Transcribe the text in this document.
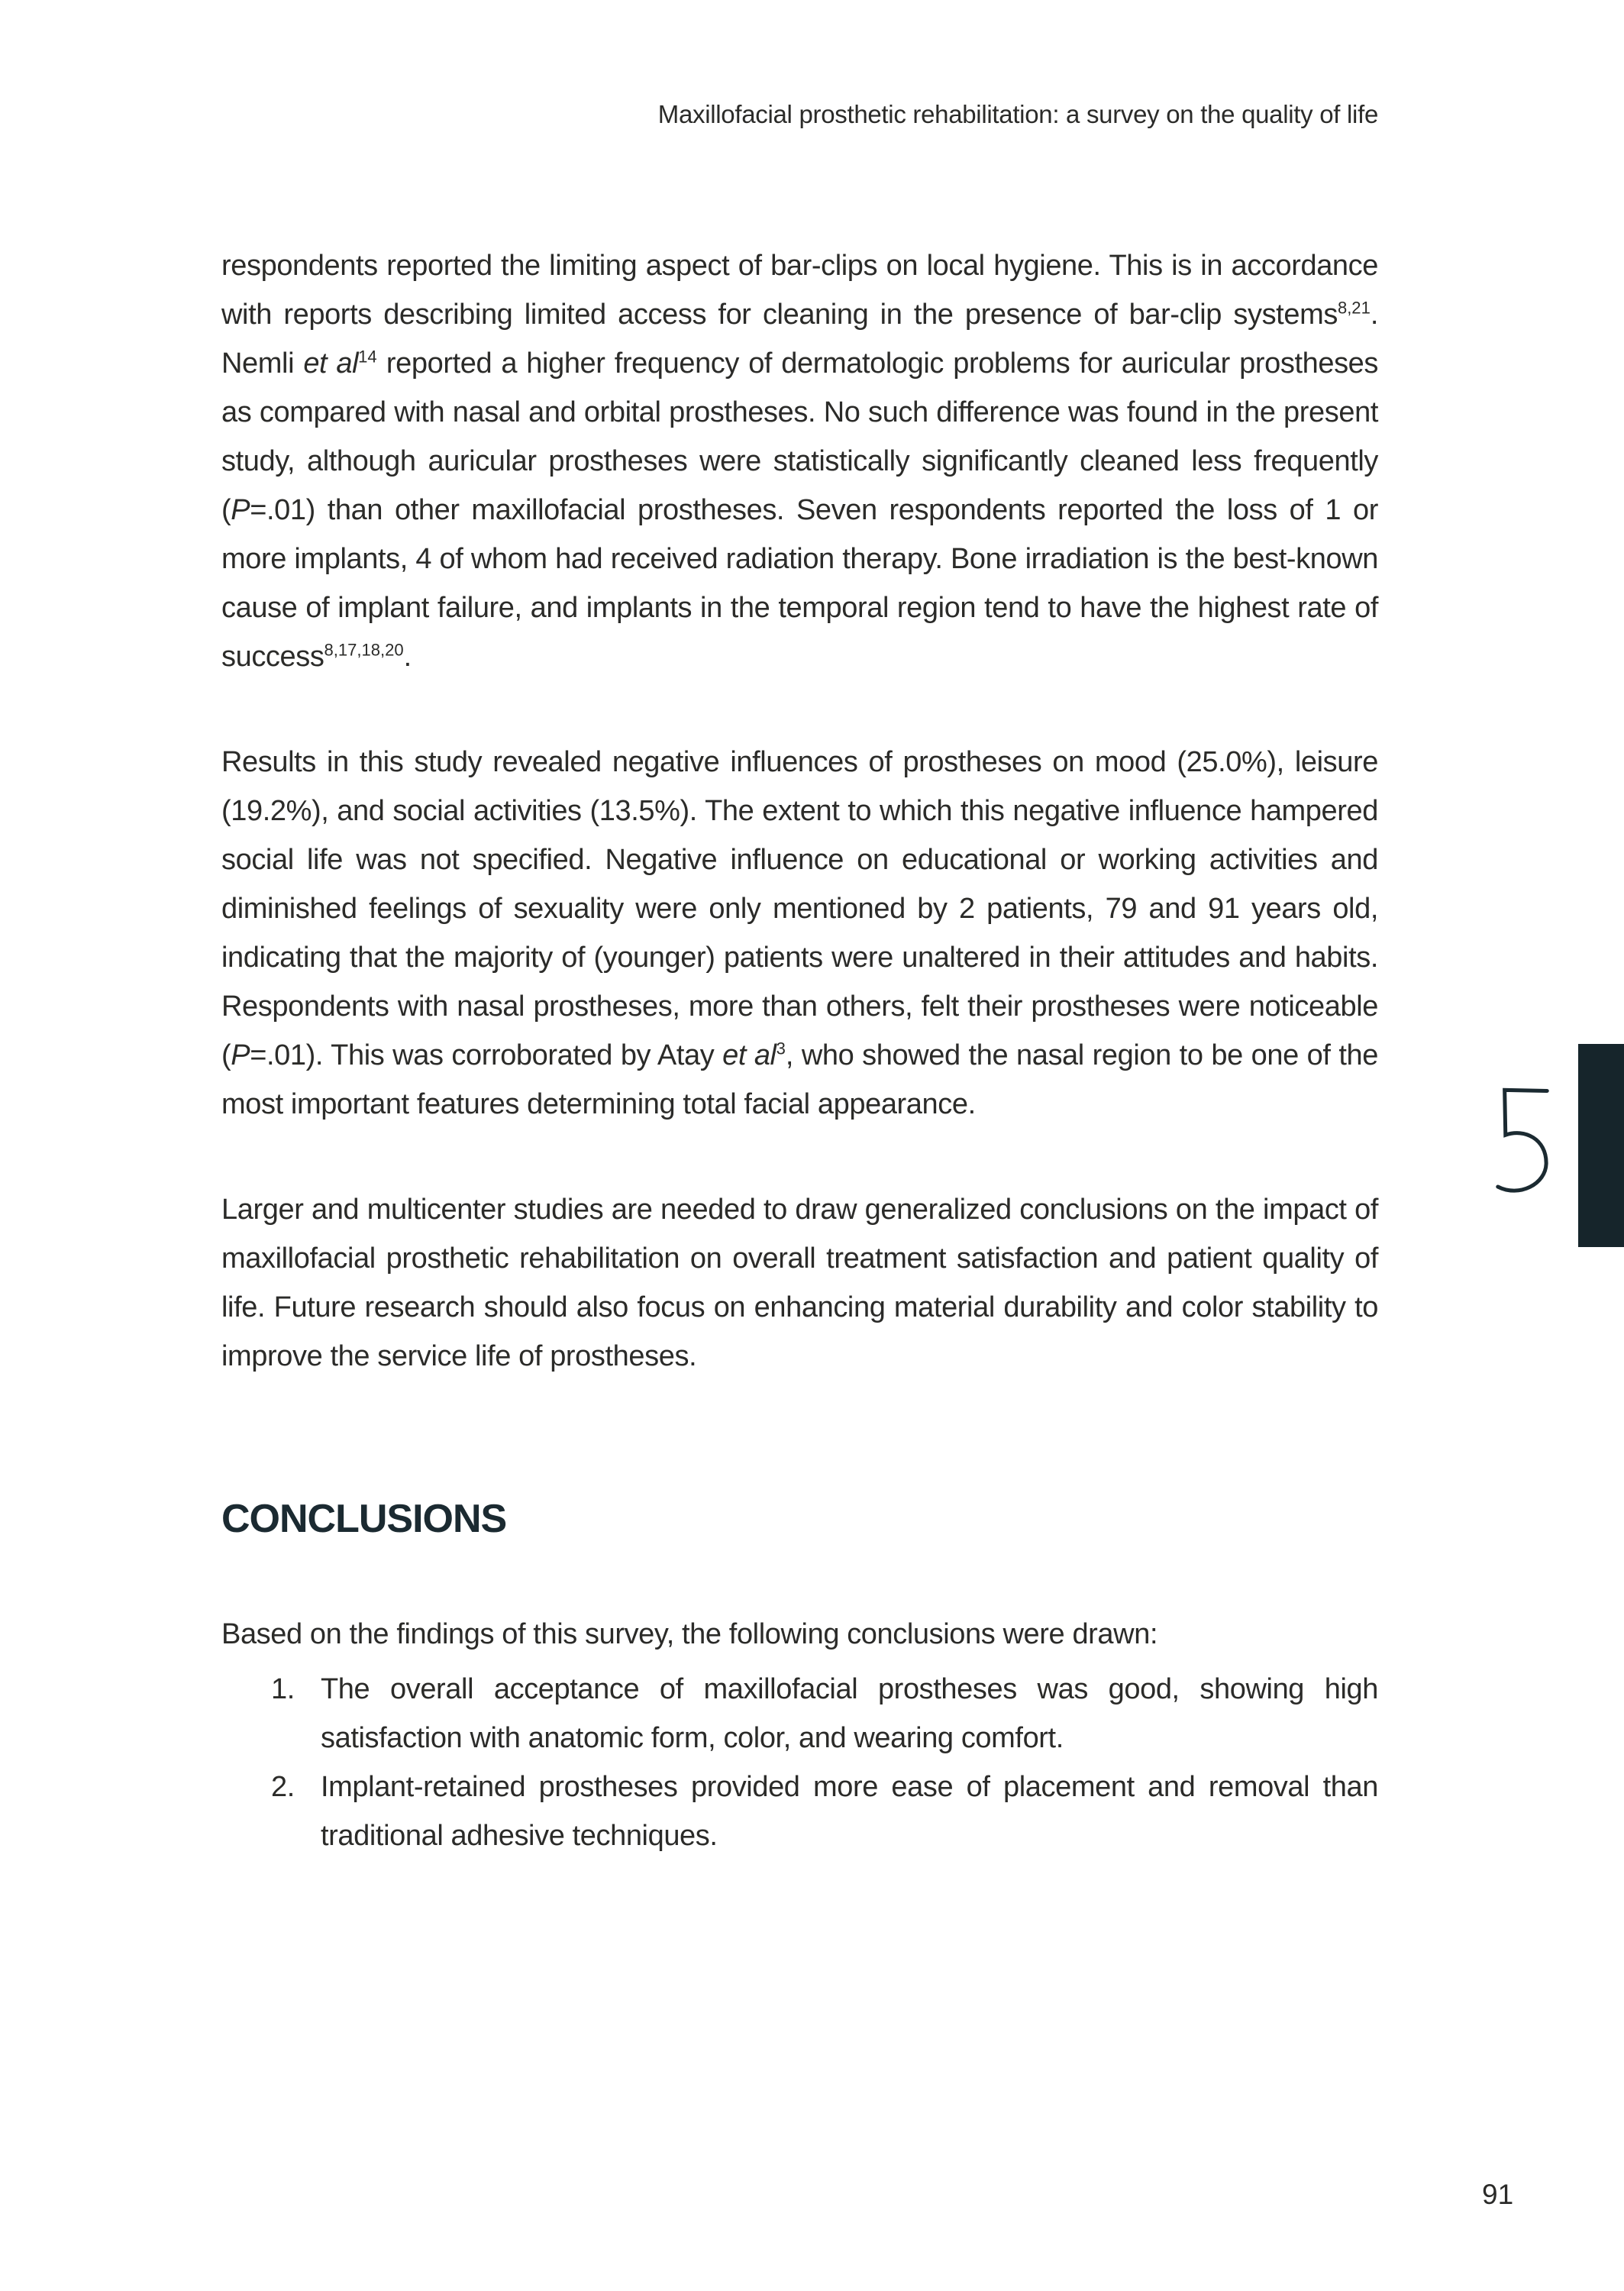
Maxillofacial prosthetic rehabilitation: a survey on the quality of life

respondents reported the limiting aspect of bar-clips on local hygiene. This is in accordance with reports describing limited access for cleaning in the presence of bar-clip systems$^{8,21}$. Nemli et $al^{14}$ reported a higher frequency of dermatologic problems for auricular prostheses as compared with nasal and orbital prostheses. No such difference was found in the present study, although auricular prostheses were statistically significantly cleaned less frequently (P=.01) than other maxillofacial prostheses. Seven respondents reported the loss of 1 or more implants, 4 of whom had received radiation therapy. Bone irradiation is the best-known cause of implant failure, and implants in the temporal region tend to have the highest rate of success$^{8,17,18,20}$.

Results in this study revealed negative influences of prostheses on mood (25.0%), leisure (19.2%), and social activities (13.5%). The extent to which this negative influence hampered social life was not specified. Negative influence on educational or working activities and diminished feelings of sexuality were only mentioned by 2 patients, 79 and 91 years old, indicating that the majority of (younger) patients were unaltered in their attitudes and habits. Respondents with nasal prostheses, more than others, felt their prostheses were noticeable (P=.01). This was corroborated by Atay et $al^3$, who showed the nasal region to be one of the most important features determining total facial appearance.

Larger and multicenter studies are needed to draw generalized conclusions on the impact of maxillofacial prosthetic rehabilitation on overall treatment satisfaction and patient quality of life. Future research should also focus on enhancing material durability and color stability to improve the service life of prostheses.

CONCLUSIONS

Based on the findings of this survey, the following conclusions were drawn:

1. The overall acceptance of maxillofacial prostheses was good, showing high satisfaction with anatomic form, color, and wearing comfort.
2. Implant-retained prostheses provided more ease of placement and removal than traditional adhesive techniques.
91
